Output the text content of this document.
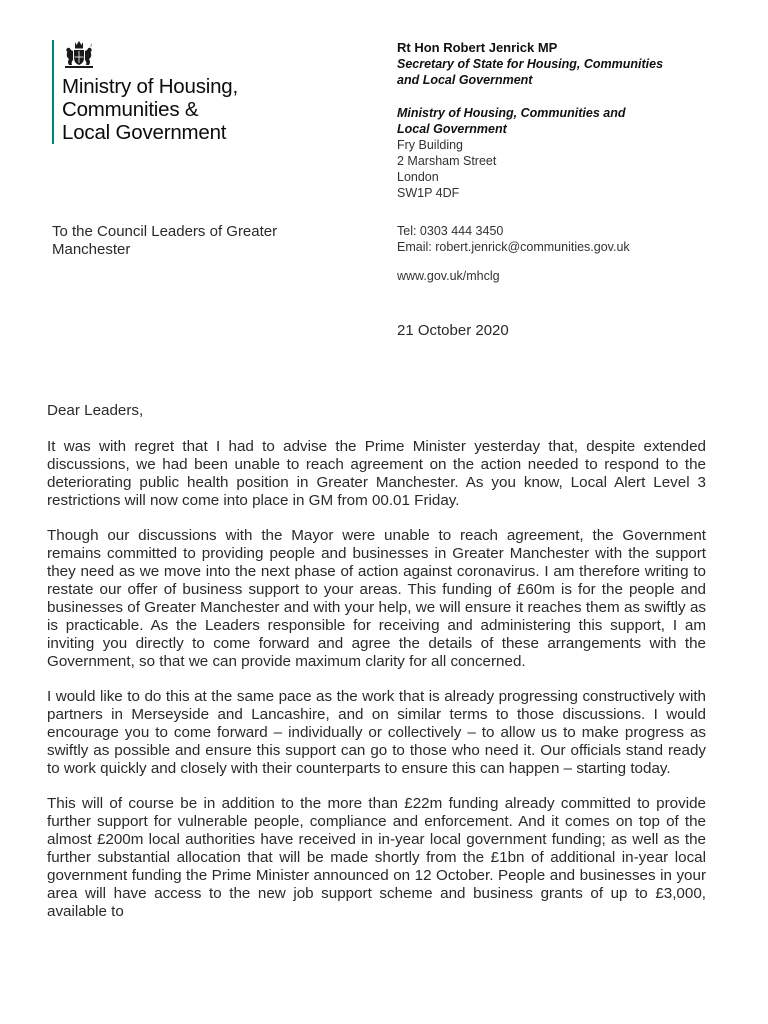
Ministry of Housing,
Communities &
Local Government
Rt Hon Robert Jenrick MP
Secretary of State for Housing, Communities
and Local Government
Ministry of Housing, Communities and
Local Government
Fry Building
2 Marsham Street
London
SW1P 4DF
Tel: 0303 444 3450
Email: robert.jenrick@communities.gov.uk
www.gov.uk/mhclg
21 October 2020
To the Council Leaders of Greater
Manchester

Dear Leaders,

It was with regret that I had to advise the Prime Minister yesterday that, despite extended discussions, we had been unable to reach agreement on the action needed to respond to the deteriorating public health position in Greater Manchester. As you know, Local Alert Level 3 restrictions will now come into place in GM from 00.01 Friday.

Though our discussions with the Mayor were unable to reach agreement, the Government remains committed to providing people and businesses in Greater Manchester with the support they need as we move into the next phase of action against coronavirus. I am therefore writing to restate our offer of business support to your areas. This funding of £60m is for the people and businesses of Greater Manchester and with your help, we will ensure it reaches them as swiftly as is practicable. As the Leaders responsible for receiving and administering this support, I am inviting you directly to come forward and agree the details of these arrangements with the Government, so that we can provide maximum clarity for all concerned.

I would like to do this at the same pace as the work that is already progressing constructively with partners in Merseyside and Lancashire, and on similar terms to those discussions. I would encourage you to come forward – individually or collectively – to allow us to make progress as swiftly as possible and ensure this support can go to those who need it. Our officials stand ready to work quickly and closely with their counterparts to ensure this can happen – starting today.

This will of course be in addition to the more than £22m funding already committed to provide further support for vulnerable people, compliance and enforcement. And it comes on top of the almost £200m local authorities have received in in-year local government funding; as well as the further substantial allocation that will be made shortly from the £1bn of additional in-year local government funding the Prime Minister announced on 12 October. People and businesses in your area will have access to the new job support scheme and business grants of up to £3,000, available to
